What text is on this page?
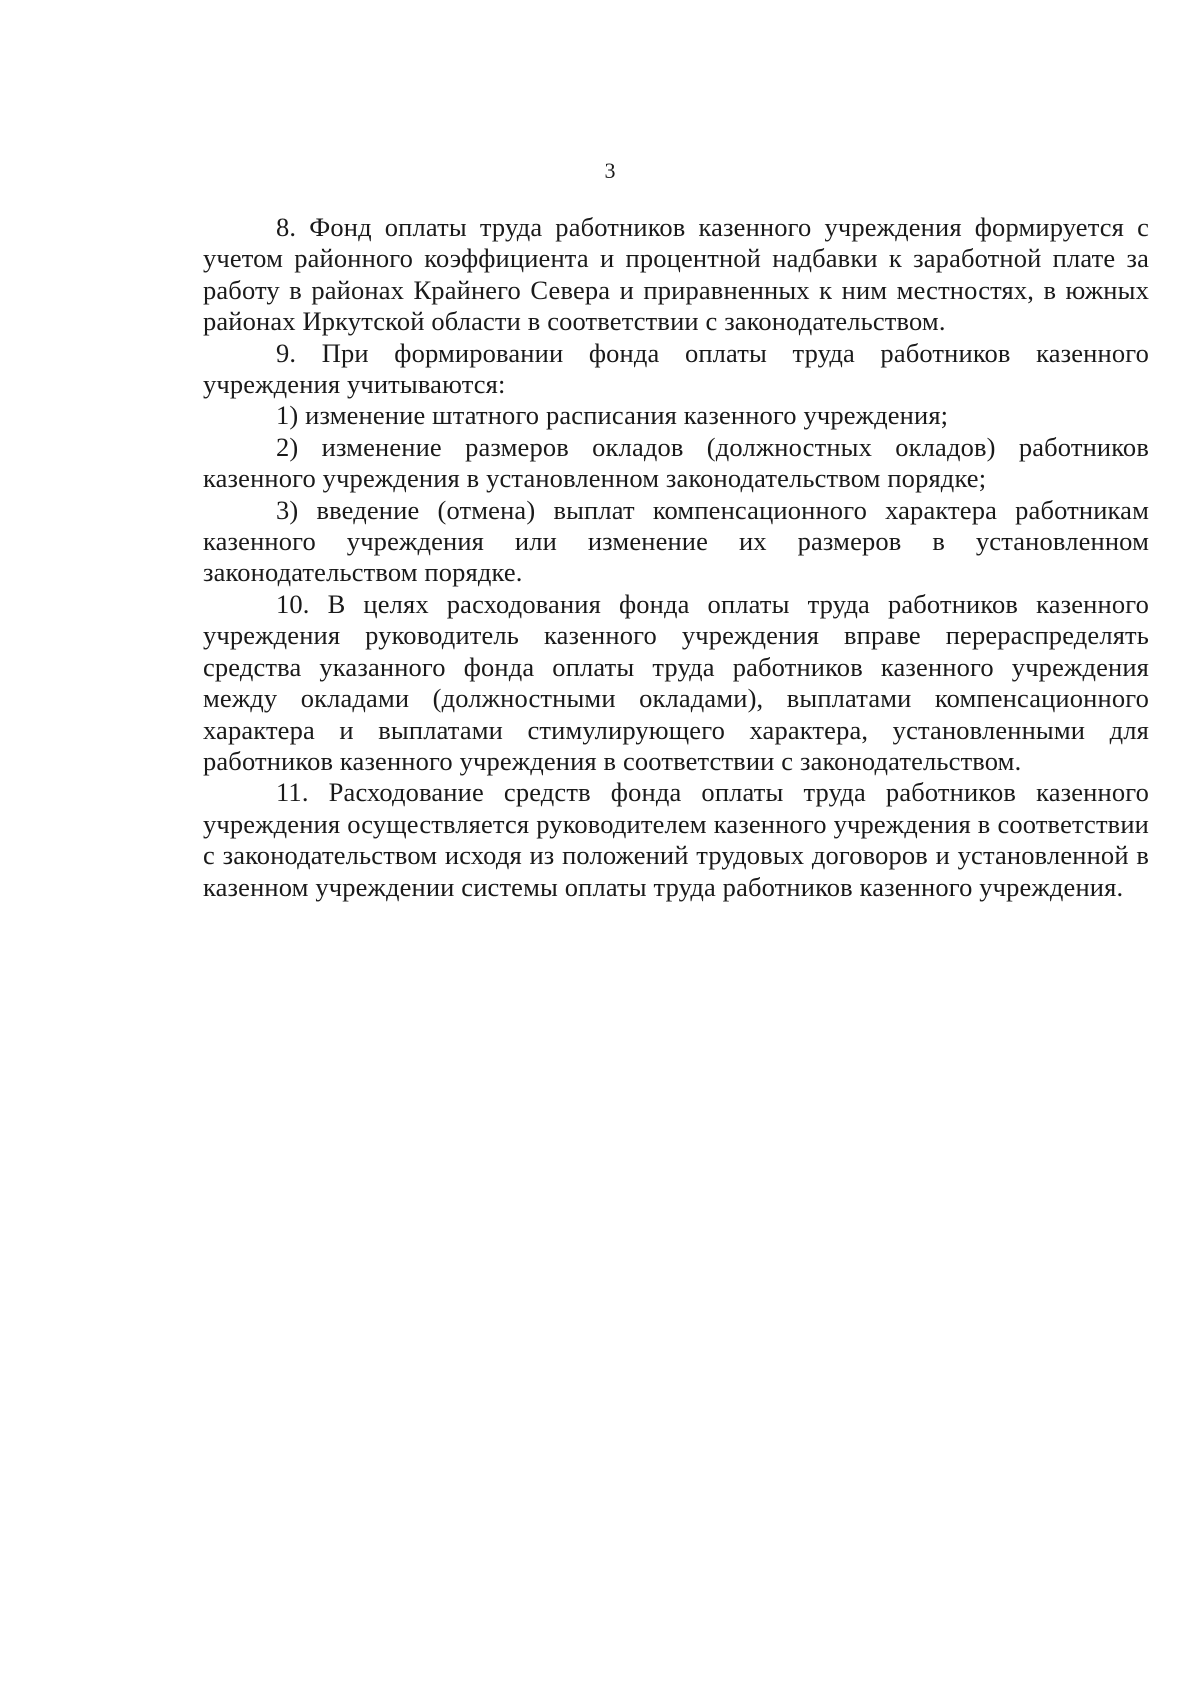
3

8. Фонд оплаты труда работников казенного учреждения формируется с учетом районного коэффициента и процентной надбавки к заработной плате за работу в районах Крайнего Севера и приравненных к ним местностях, в южных районах Иркутской области в соответствии с законодательством.

9. При формировании фонда оплаты труда работников казенного учреждения учитываются:

1) изменение штатного расписания казенного учреждения;

2) изменение размеров окладов (должностных окладов) работников казенного учреждения в установленном законодательством порядке;

3) введение (отмена) выплат компенсационного характера работникам казенного учреждения или изменение их размеров в установленном законодательством порядке.

10. В целях расходования фонда оплаты труда работников казенного учреждения руководитель казенного учреждения вправе перераспределять средства указанного фонда оплаты труда работников казенного учреждения между окладами (должностными окладами), выплатами компенсационного характера и выплатами стимулирующего характера, установленными для работников казенного учреждения в соответствии с законодательством.

11. Расходование средств фонда оплаты труда работников казенного учреждения осуществляется руководителем казенного учреждения в соответствии с законодательством исходя из положений трудовых договоров и установленной в казенном учреждении системы оплаты труда работников казенного учреждения.
